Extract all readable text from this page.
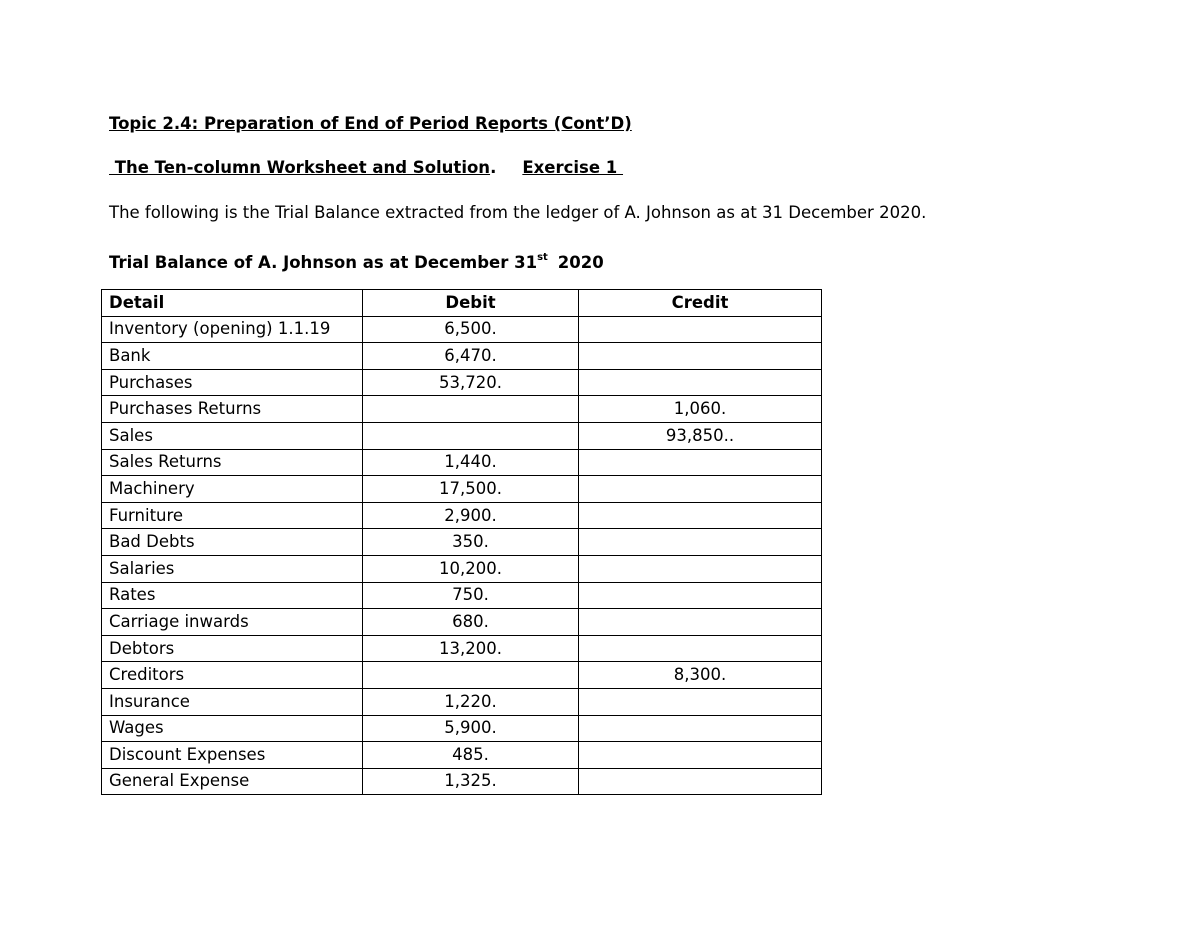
Topic 2.4: Preparation of End of Period Reports (Cont’D)
The Ten-column Worksheet and Solution. Exercise 1
The following is the Trial Balance extracted from the ledger of A. Johnson as at 31 December 2020.
Trial Balance of A. Johnson as at December 31st 2020
Detail	Debit	Credit
Inventory (opening) 1.1.19	6,500.	
Bank	6,470.	
Purchases	53,720.	
Purchases Returns		1,060.
Sales		93,850..
Sales Returns	1,440.	
Machinery	17,500.	
Furniture	2,900.	
Bad Debts	350.	
Salaries	10,200.	
Rates	750.	
Carriage inwards	680.	
Debtors	13,200.	
Creditors		8,300.
Insurance	1,220.	
Wages	5,900.	
Discount Expenses	485.	
General Expense	1,325.	
